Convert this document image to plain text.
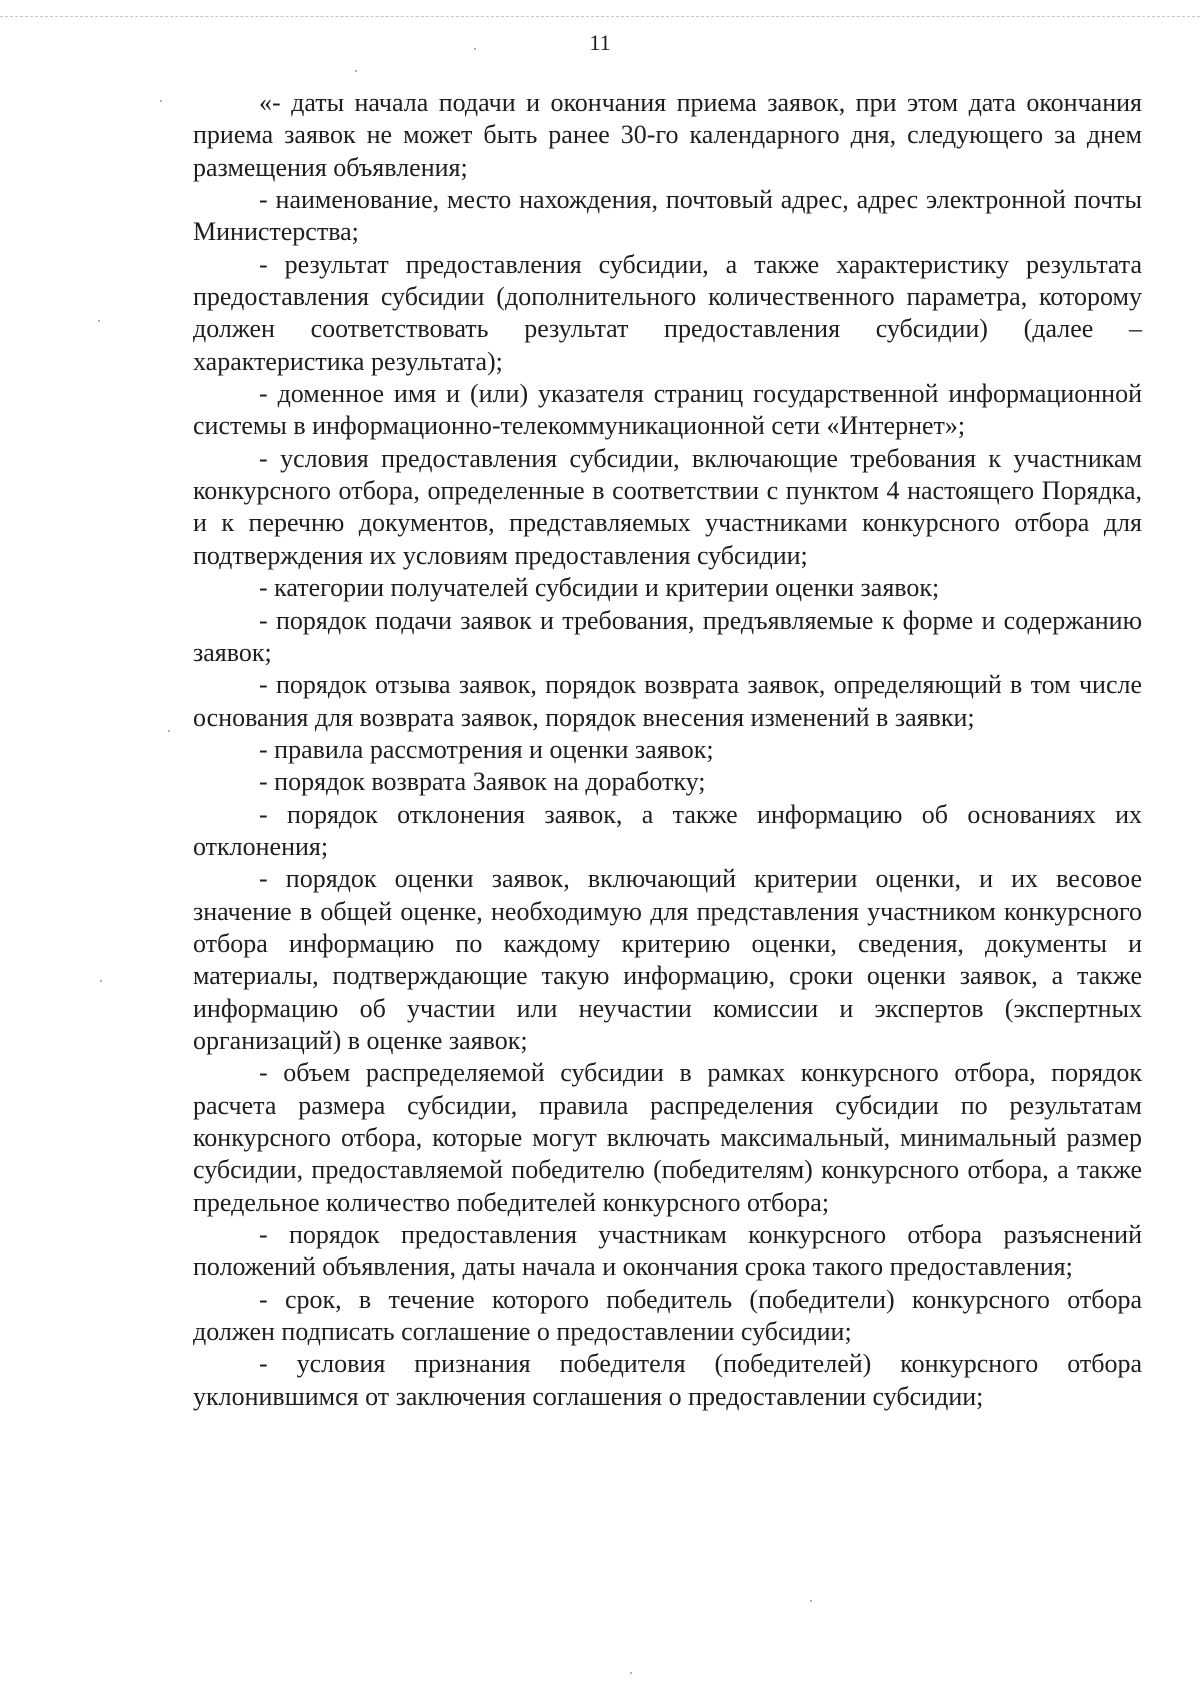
11

«- даты начала подачи и окончания приема заявок, при этом дата окончания приема заявок не может быть ранее 30-го календарного дня, следующего за днем размещения объявления;

- наименование, место нахождения, почтовый адрес, адрес электронной почты Министерства;

- результат предоставления субсидии, а также характеристику результата предоставления субсидии (дополнительного количественного параметра, которому должен соответствовать результат предоставления субсидии) (далее – характеристика результата);

- доменное имя и (или) указателя страниц государственной информационной системы в информационно-телекоммуникационной сети «Интернет»;

- условия предоставления субсидии, включающие требования к участникам конкурсного отбора, определенные в соответствии с пунктом 4 настоящего Порядка, и к перечню документов, представляемых участниками конкурсного отбора для подтверждения их условиям предоставления субсидии;

- категории получателей субсидии и критерии оценки заявок;

- порядок подачи заявок и требования, предъявляемые к форме и содержанию заявок;

- порядок отзыва заявок, порядок возврата заявок, определяющий в том числе основания для возврата заявок, порядок внесения изменений в заявки;

- правила рассмотрения и оценки заявок;

- порядок возврата Заявок на доработку;

- порядок отклонения заявок, а также информацию об основаниях их отклонения;

- порядок оценки заявок, включающий критерии оценки, и их весовое значение в общей оценке, необходимую для представления участником конкурсного отбора информацию по каждому критерию оценки, сведения, документы и материалы, подтверждающие такую информацию, сроки оценки заявок, а также информацию об участии или неучастии комиссии и экспертов (экспертных организаций) в оценке заявок;

- объем распределяемой субсидии в рамках конкурсного отбора, порядок расчета размера субсидии, правила распределения субсидии по результатам конкурсного отбора, которые могут включать максимальный, минимальный размер субсидии, предоставляемой победителю (победителям) конкурсного отбора, а также предельное количество победителей конкурсного отбора;

- порядок предоставления участникам конкурсного отбора разъяснений положений объявления, даты начала и окончания срока такого предоставления;

- срок, в течение которого победитель (победители) конкурсного отбора должен подписать соглашение о предоставлении субсидии;

- условия признания победителя (победителей) конкурсного отбора уклонившимся от заключения соглашения о предоставлении субсидии;
